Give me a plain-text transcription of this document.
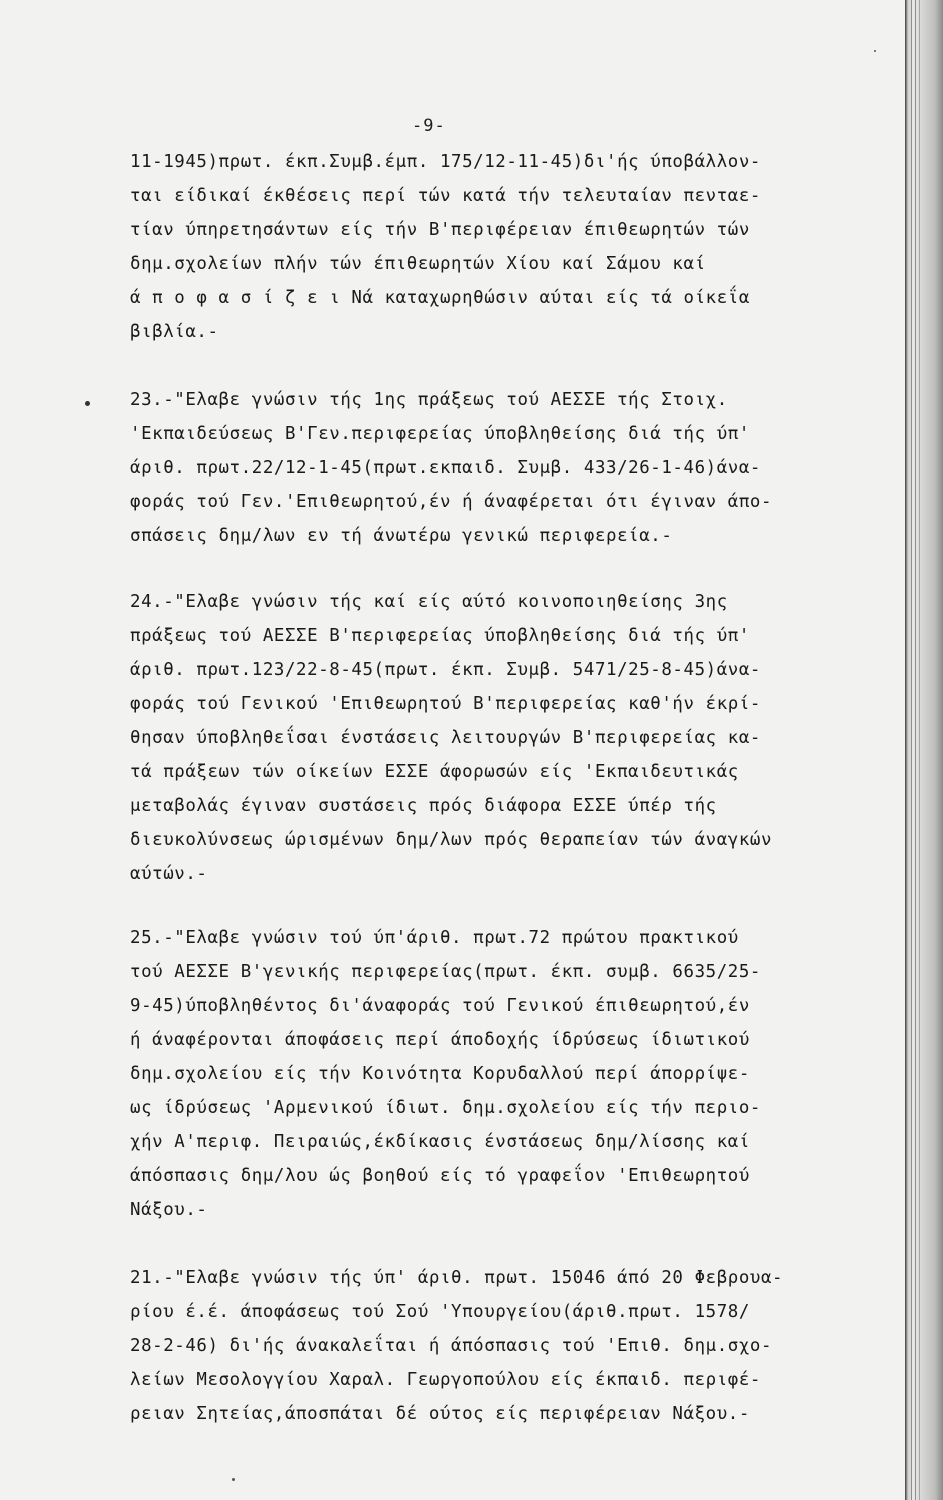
-9-
11-1945)πρωτ. έκπ.Συμβ.έμπ. 175/12-11-45)δι'ής ύποβάλλον-
ται είδικαί έκθέσεις περί τών κατά τήν τελευταίαν πενταε-
τίαν ύπηρετησάντων είς τήν Β'περιφέρειαν έπιθεωρητών τών
δημ.σχολείων πλήν τών έπιθεωρητών Χίου καί Σάμου καί
ά π ο φ α σ ί ζ ε ι Νά καταχωρηθώσιν αύται είς τά οίκεΐα
βιβλία.-
23.-"Ελαβε γνώσιν τής 1ης πράξεως τού ΑΕΣΣΕ τής Στοιχ.
'Εκπαιδεύσεως Β'Γεν.περιφερείας ύποβληθείσης διά τής ύπ'
άριθ. πρωτ.22/12-1-45(πρωτ.εκπαιδ. Συμβ. 433/26-1-46)άνα-
φοράς τού Γεν.'Επιθεωρητού,έν ή άναφέρεται ότι έγιναν άπο-
σπάσεις δημ/λων εν τή άνωτέρω γενικώ περιφερεία.-
24.-"Ελαβε γνώσιν τής καί είς αύτό κοινοποιηθείσης 3ης
πράξεως τού ΑΕΣΣΕ Β'περιφερείας ύποβληθείσης διά τής ύπ'
άριθ. πρωτ.123/22-8-45(πρωτ. έκπ. Συμβ. 5471/25-8-45)άνα-
φοράς τού Γενικού 'Επιθεωρητού Β'περιφερείας καθ'ήν έκρί-
θησαν ύποβληθεΐσαι ένστάσεις λειτουργών Β'περιφερείας κα-
τά πράξεων τών οίκείων ΕΣΣΕ άφορωσών είς 'Εκπαιδευτικάς
μεταβολάς έγιναν συστάσεις πρός διάφορα ΕΣΣΕ ύπέρ τής
διευκολύνσεως ώρισμένων δημ/λων πρός θεραπείαν τών άναγκών
αύτών.-
25.-"Ελαβε γνώσιν τού ύπ'άριθ. πρωτ.72 πρώτου πρακτικού
τού ΑΕΣΣΕ Β'γενικής περιφερείας(πρωτ. έκπ. συμβ. 6635/25-
9-45)ύποβληθέντος δι'άναφοράς τού Γενικού έπιθεωρητού,έν
ή άναφέρονται άποφάσεις περί άποδοχής ίδρύσεως ίδιωτικού
δημ.σχολείου είς τήν Κοινότητα Κορυδαλλού περί άπορρίψε-
ως ίδρύσεως 'Αρμενικού ίδιωτ. δημ.σχολείου είς τήν περιο-
χήν Α'περιφ. Πειραιώς,έκδίκασις ένστάσεως δημ/λίσσης καί
άπόσπασις δημ/λου ώς βοηθού είς τό γραφεΐον 'Επιθεωρητού
Νάξου.-
21.-"Ελαβε γνώσιν τής ύπ' άριθ. πρωτ. 15046 άπό 20 Φεβρουα-
ρίου έ.έ. άποφάσεως τού Σού 'Υπουργείου(άριθ.πρωτ. 1578/
28-2-46) δι'ής άνακαλεΐται ή άπόσπασις τού 'Επιθ. δημ.σχο-
λείων Μεσολογγίου Χαραλ. Γεωργοπούλου είς έκπαιδ. περιφέ-
ρειαν Σητείας,άποσπάται δέ ούτος είς περιφέρειαν Νάξου.-
